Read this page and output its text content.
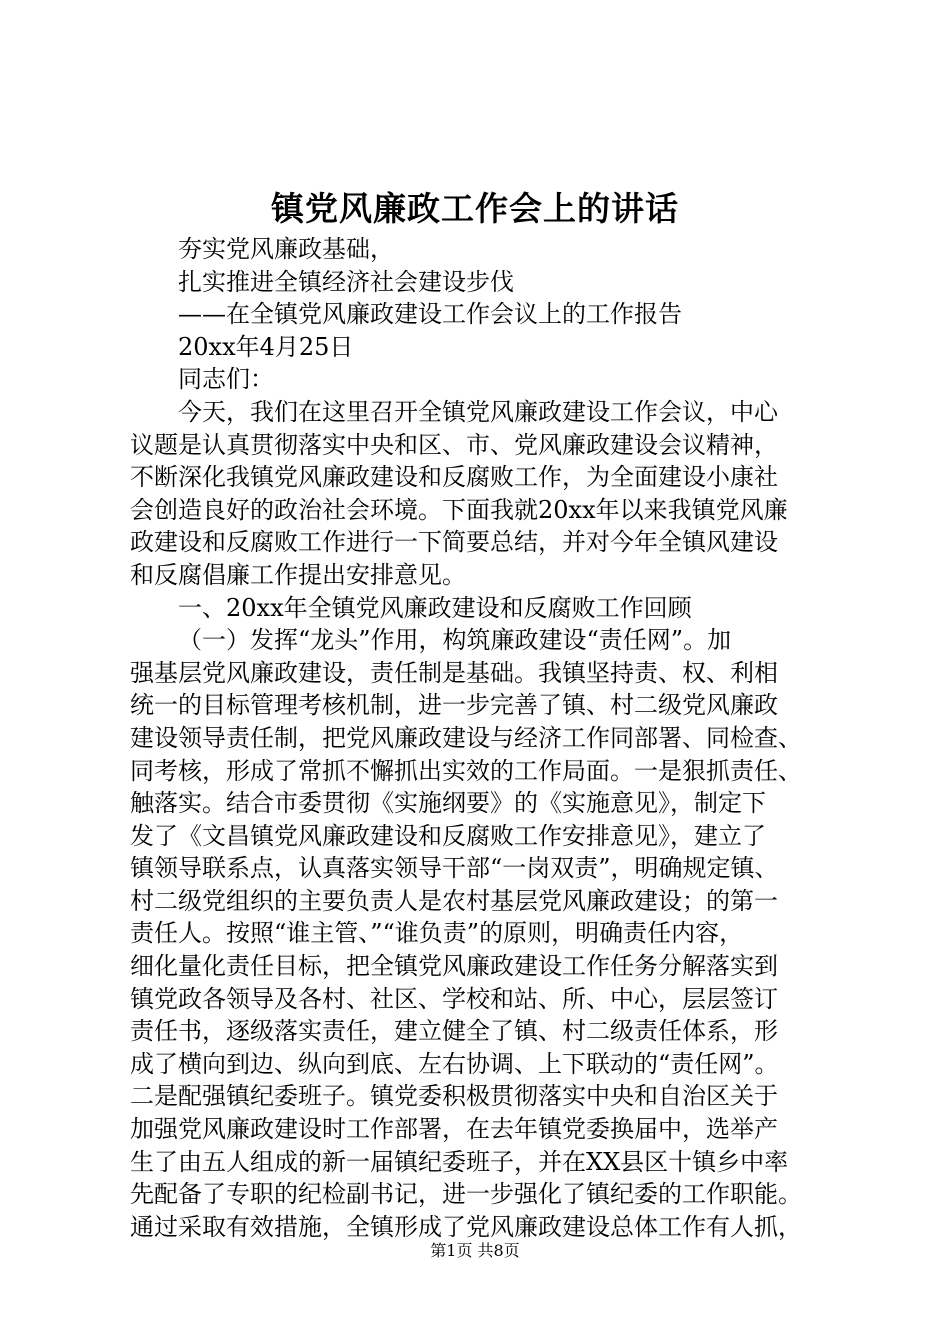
镇党风廉政工作会上的讲话
夯实党风廉政基础，
扎实推进全镇经济社会建设步伐
——在全镇党风廉政建设工作会议上的工作报告
20xx年4月25日
同志们：
今天，我们在这里召开全镇党风廉政建设工作会议，中心
议题是认真贯彻落实中央和区、市、党风廉政建设会议精神，
不断深化我镇党风廉政建设和反腐败工作，为全面建设小康社
会创造良好的政治社会环境。下面我就20xx年以来我镇党风廉
政建设和反腐败工作进行一下简要总结，并对今年全镇风建设
和反腐倡廉工作提出安排意见。
一、20xx年全镇党风廉政建设和反腐败工作回顾
（一）发挥“龙头”作用，构筑廉政建设“责任网”。加
强基层党风廉政建设，责任制是基础。我镇坚持责、权、利相
统一的目标管理考核机制，进一步完善了镇、村二级党风廉政
建设领导责任制，把党风廉政建设与经济工作同部署、同检查、
同考核，形成了常抓不懈抓出实效的工作局面。一是狠抓责任、
触落实。结合市委贯彻《实施纲要》的《实施意见》，制定下
发了《文昌镇党风廉政建设和反腐败工作安排意见》，建立了
镇领导联系点，认真落实领导干部“一岗双责”，明确规定镇、
村二级党组织的主要负责人是农村基层党风廉政建设；的第一
责任人。按照“谁主管、”“谁负责”的原则，明确责任内容，
细化量化责任目标，把全镇党风廉政建设工作任务分解落实到
镇党政各领导及各村、社区、学校和站、所、中心，层层签订
责任书，逐级落实责任，建立健全了镇、村二级责任体系，形
成了横向到边、纵向到底、左右协调、上下联动的“责任网”。
二是配强镇纪委班子。镇党委积极贯彻落实中央和自治区关于
加强党风廉政建设时工作部署，在去年镇党委换届中，选举产
生了由五人组成的新一届镇纪委班子，并在XX县区十镇乡中率
先配备了专职的纪检副书记，进一步强化了镇纪委的工作职能。
通过采取有效措施，全镇形成了党风廉政建设总体工作有人抓，
第1页 共8页
